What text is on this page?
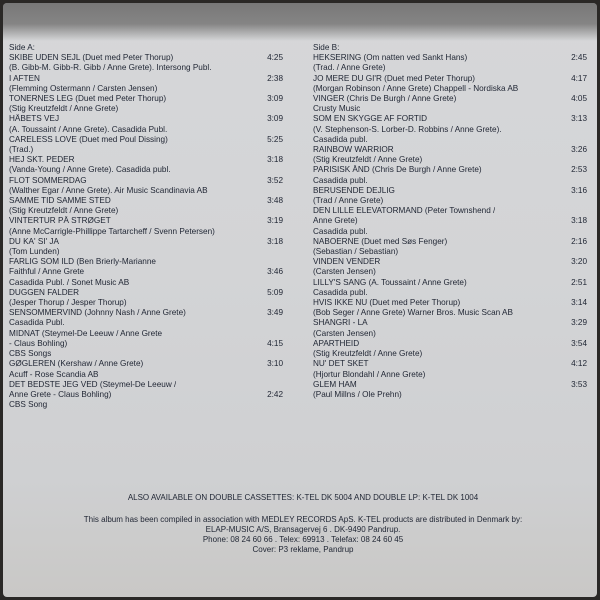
Side A:
SKIBE UDEN SEJL (Duet med Peter Thorup)	4:25
(B. Gibb-M. Gibb-R. Gibb / Anne Grete). Intersong Publ.
I AFTEN	2:38
(Flemming Ostermann / Carsten Jensen)
TONERNES LEG (Duet med Peter Thorup)	3:09
(Stig Kreutzfeldt / Anne Grete)
HÅBETS VEJ	3:09
(A. Toussaint / Anne Grete). Casadida Publ.
CARELESS LOVE (Duet med Poul Dissing)	5:25
(Trad.)
HEJ SKT. PEDER	3:18
(Vanda-Young / Anne Grete). Casadida publ.
FLOT SOMMERDAG	3:52
(Walther Egar / Anne Grete). Air Music Scandinavia AB
SAMME TID SAMME STED	3:48
(Stig Kreutzfeldt / Anne Grete)
VINTERTUR PÅ STRØGET	3:19
(Anne McCarrigle-Phillippe Tartarcheff / Svenn Petersen)
DU KA' SI' JA	3:18
(Tom Lunden)
FARLIG SOM ILD (Ben Brierly-Marianne
Faithful / Anne Grete	3:46
Casadida Publ. / Sonet Music AB
DUGGEN FALDER	5:09
(Jesper Thorup / Jesper Thorup)
SENSOMMERVIND (Johnny Nash / Anne Grete)	3:49
Casadida Publ.
MIDNAT (Steymel-De Leeuw / Anne Grete
- Claus Bohling)	4:15
CBS Songs
GØGLEREN (Kershaw / Anne Grete)	3:10
Acuff - Rose Scandia AB
DET BEDSTE JEG VED (Steymel-De Leeuw /
Anne Grete - Claus Bohling)	2:42
CBS Song
Side B:
HEKSERING (Om natten ved Sankt Hans)	2:45
(Trad. / Anne Grete)
JO MERE DU GI'R (Duet med Peter Thorup)	4:17
(Morgan Robinson / Anne Grete) Chappell - Nordiska AB
VINGER (Chris De Burgh / Anne Grete)	4:05
Crusty Music
SOM EN SKYGGE AF FORTID	3:13
(V. Stephenson-S. Lorber-D. Robbins / Anne Grete).
Casadida publ.
RAINBOW WARRIOR	3:26
(Stig Kreutzfeldt / Anne Grete)
PARISISK ÅND (Chris De Burgh / Anne Grete)	2:53
Casadida publ.
BERUSENDE DEJLIG	3:16
(Trad / Anne Grete)
DEN LILLE ELEVATORMAND (Peter Townshend /
Anne Grete)	3:18
Casadida publ.
NABOERNE (Duet med Søs Fenger)	2:16
(Sebastian / Sebastian)
VINDEN VENDER	3:20
(Carsten Jensen)
LILLY'S SANG (A. Toussaint / Anne Grete)	2:51
Casadida publ.
HVIS IKKE NU (Duet med Peter Thorup)	3:14
(Bob Seger / Anne Grete) Warner Bros. Music Scan AB
SHANGRI - LA	3:29
(Carsten Jensen)
APARTHEID	3:54
(Stig Kreutzfeldt / Anne Grete)
NU' DET SKET	4:12
(Hjortur Blondahl / Anne Grete)
GLEM HAM	3:53
(Paul Millns / Ole Prehn)
ALSO AVAILABLE ON DOUBLE CASSETTES: K-TEL DK 5004 AND DOUBLE LP: K-TEL DK 1004
This album has been compiled in association with MEDLEY RECORDS ApS. K-TEL products are distributed in Denmark by:
ELAP-MUSIC A/S, Bransagervej 6 . DK-9490 Pandrup.
Phone: 08 24 60 66 . Telex: 69913 . Telefax: 08 24 60 45
Cover: P3 reklame, Pandrup
